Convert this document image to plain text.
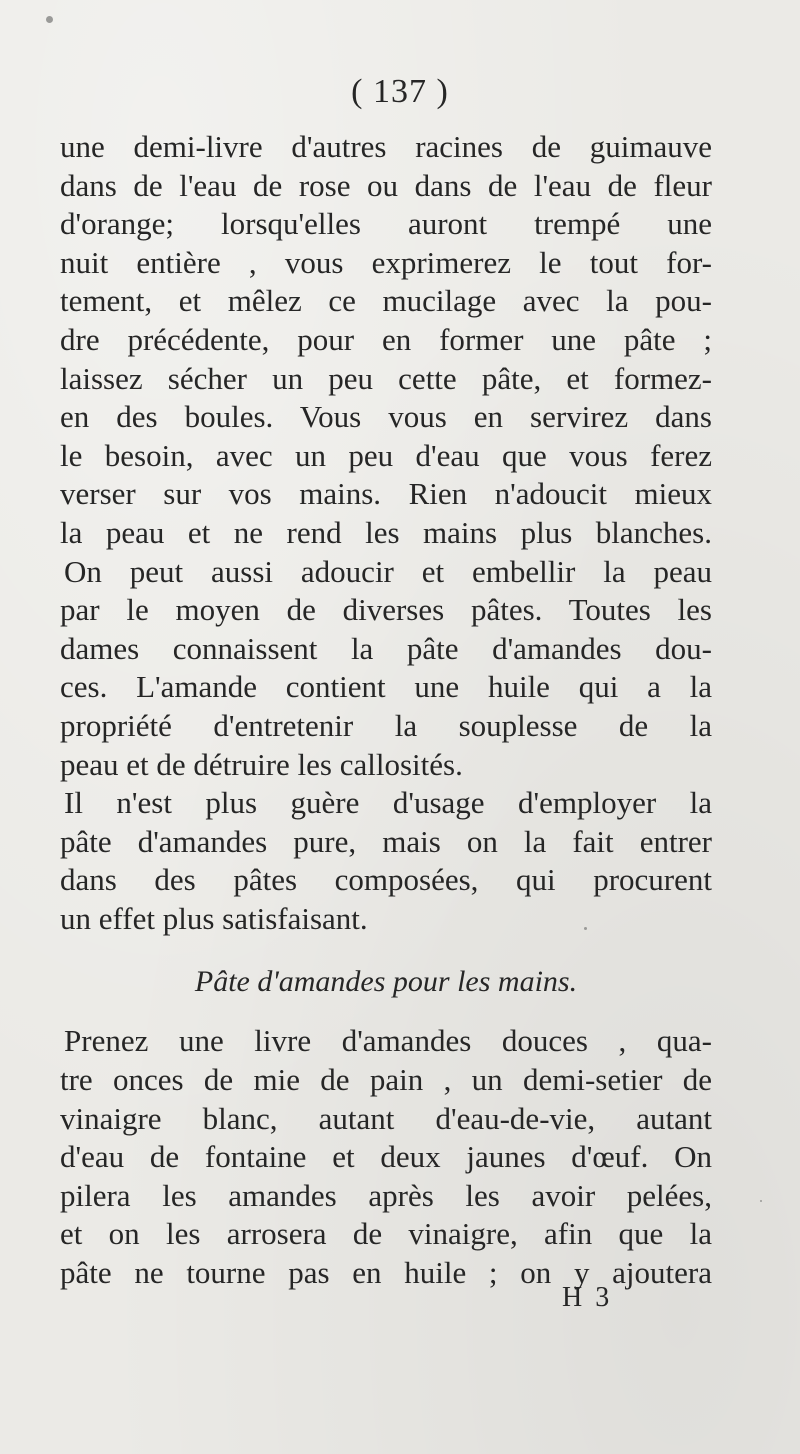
( 137 )

une demi-livre d'autres racines de guimauve
dans de l'eau de rose ou dans de l'eau de fleur
d'orange; lorsqu'elles auront trempé une
nuit entière , vous exprimerez le tout for-
tement, et mêlez ce mucilage avec la pou-
dre précédente, pour en former une pâte ;
laissez sécher un peu cette pâte, et formez-
en des boules. Vous vous en servirez dans
le besoin, avec un peu d'eau que vous ferez
verser sur vos mains. Rien n'adoucit mieux
la peau et ne rend les mains plus blanches.
On peut aussi adoucir et embellir la peau
par le moyen de diverses pâtes. Toutes les
dames connaissent la pâte d'amandes dou-
ces. L'amande contient une huile qui a la
propriété d'entretenir la souplesse de la
peau et de détruire les callosités.
Il n'est plus guère d'usage d'employer la
pâte d'amandes pure, mais on la fait entrer
dans des pâtes composées, qui procurent
un effet plus satisfaisant.
Pâte d'amandes pour les mains.
Prenez une livre d'amandes douces , qua-
tre onces de mie de pain , un demi-setier de
vinaigre blanc, autant d'eau-de-vie, autant
d'eau de fontaine et deux jaunes d'œuf. On
pilera les amandes après les avoir pelées,
et on les arrosera de vinaigre, afin que la
pâte ne tourne pas en huile ; on y ajoutera

H 3
